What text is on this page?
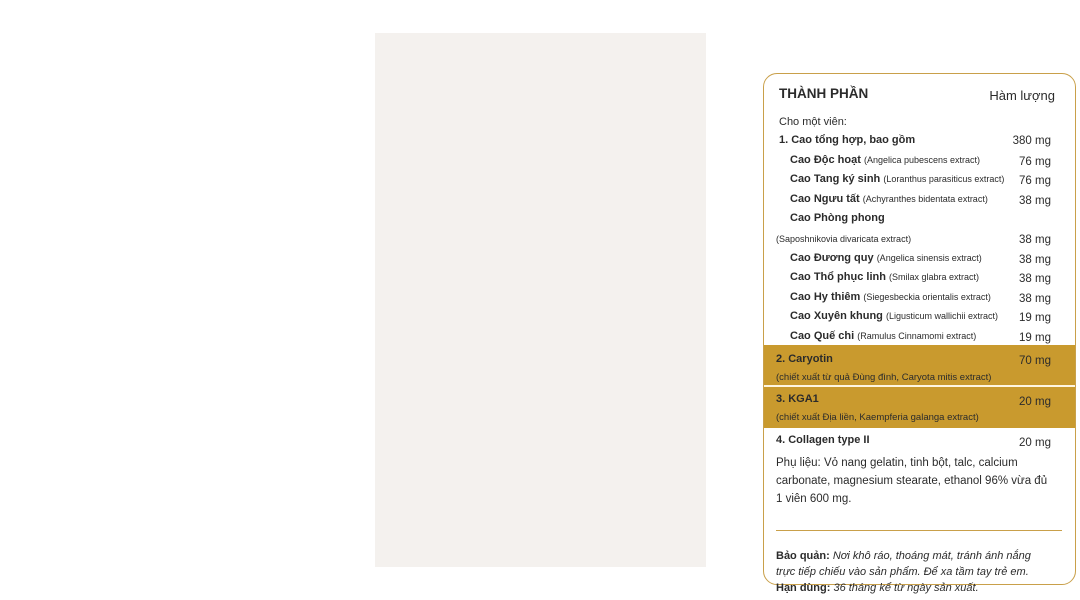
THÀNH PHẦN	Hàm lượng
Cho một viên:
1. Cao tổng hợp, bao gồm	380 mg
Cao Độc hoạt (Angelica pubescens extract)	76 mg
Cao Tang ký sinh (Loranthus parasiticus extract) 76 mg
Cao Ngưu tất (Achyranthes bidentata extract)	38 mg
Cao Phòng phong
(Saposhnikovia divaricata extract)	38 mg
Cao Đương quy (Angelica sinensis extract)	38 mg
Cao Thổ phục linh (Smilax glabra extract)	38 mg
Cao Hy thiêm (Siegesbeckia orientalis extract) 38 mg
Cao Xuyên khung (Ligusticum wallichii extract) 19 mg
Cao Quế chi (Ramulus Cinnamomi extract)	19 mg
2. Caryotin	70 mg
(chiết xuất từ quả Đùng đình, Caryota mitis extract)
3. KGA1	20 mg
(chiết xuất Địa liền, Kaempferia galanga extract)
4. Collagen type II	20 mg
Phụ liệu: Vỏ nang gelatin, tinh bột, talc, calcium
carbonate, magnesium stearate, ethanol 96% vừa đủ
1 viên 600 mg.
Bảo quản: Nơi khô ráo, thoáng mát, tránh ánh nắng
trực tiếp chiếu vào sản phẩm. Để xa tầm tay trẻ em.
Hạn dùng: 36 tháng kể từ ngày sản xuất.
